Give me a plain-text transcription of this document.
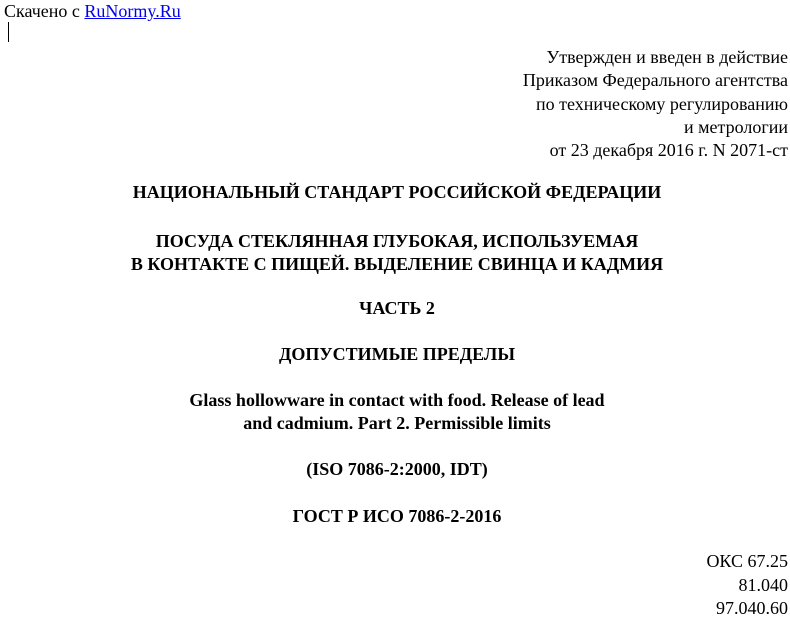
Скачено с RuNormy.Ru
Утвержден и введен в действие
Приказом Федерального агентства
по техническому регулированию
и метрологии
от 23 декабря 2016 г. N 2071-ст
НАЦИОНАЛЬНЫЙ СТАНДАРТ РОССИЙСКОЙ ФЕДЕРАЦИИ
ПОСУДА СТЕКЛЯННАЯ ГЛУБОКАЯ, ИСПОЛЬЗУЕМАЯ
В КОНТАКТЕ С ПИЩЕЙ. ВЫДЕЛЕНИЕ СВИНЦА И КАДМИЯ
ЧАСТЬ 2
ДОПУСТИМЫЕ ПРЕДЕЛЫ
Glass hollowware in contact with food. Release of lead
and cadmium. Part 2. Permissible limits
(ISO 7086-2:2000, IDT)
ГОСТ Р ИСО 7086-2-2016
ОКС 67.25
81.040
97.040.60
